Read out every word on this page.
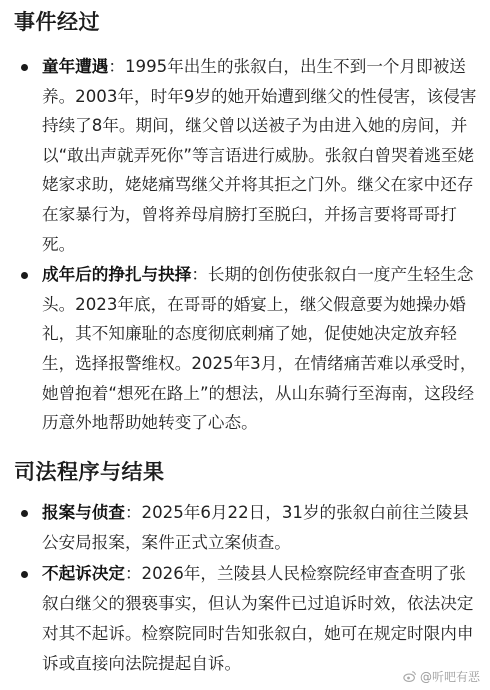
事件经过
童年遭遇：1995年出生的张叙白，出生不到一个月即被送养。2003年，时年9岁的她开始遭到继父的性侵害，该侵害持续了8年。期间，继父曾以送被子为由进入她的房间，并以“敢出声就弄死你”等言语进行威胁。张叙白曾哭着逃至姥姥家求助，姥姥痛骂继父并将其拒之门外。继父在家中还存在家暴行为，曾将养母肩膀打至脱臼，并扬言要将哥哥打死。
成年后的挣扎与抉择：长期的创伤使张叙白一度产生轻生念头。2023年底，在哥哥的婚宴上，继父假意要为她操办婚礼，其不知廉耻的态度彻底刺痛了她，促使她决定放弃轻生，选择报警维权。2025年3月，在情绪痛苦难以承受时，她曾抱着“想死在路上”的想法，从山东骑行至海南，这段经历意外地帮助她转变了心态。
司法程序与结果
报案与侦查：2025年6月22日，31岁的张叙白前往兰陵县公安局报案，案件正式立案侦查。
不起诉决定：2026年，兰陵县人民检察院经审查查明了张叙白继父的猥亵事实，但认为案件已过追诉时效，依法决定对其不起诉。检察院同时告知张叙白，她可在规定时限内申诉或直接向法院提起自诉。
@听吧有恶
